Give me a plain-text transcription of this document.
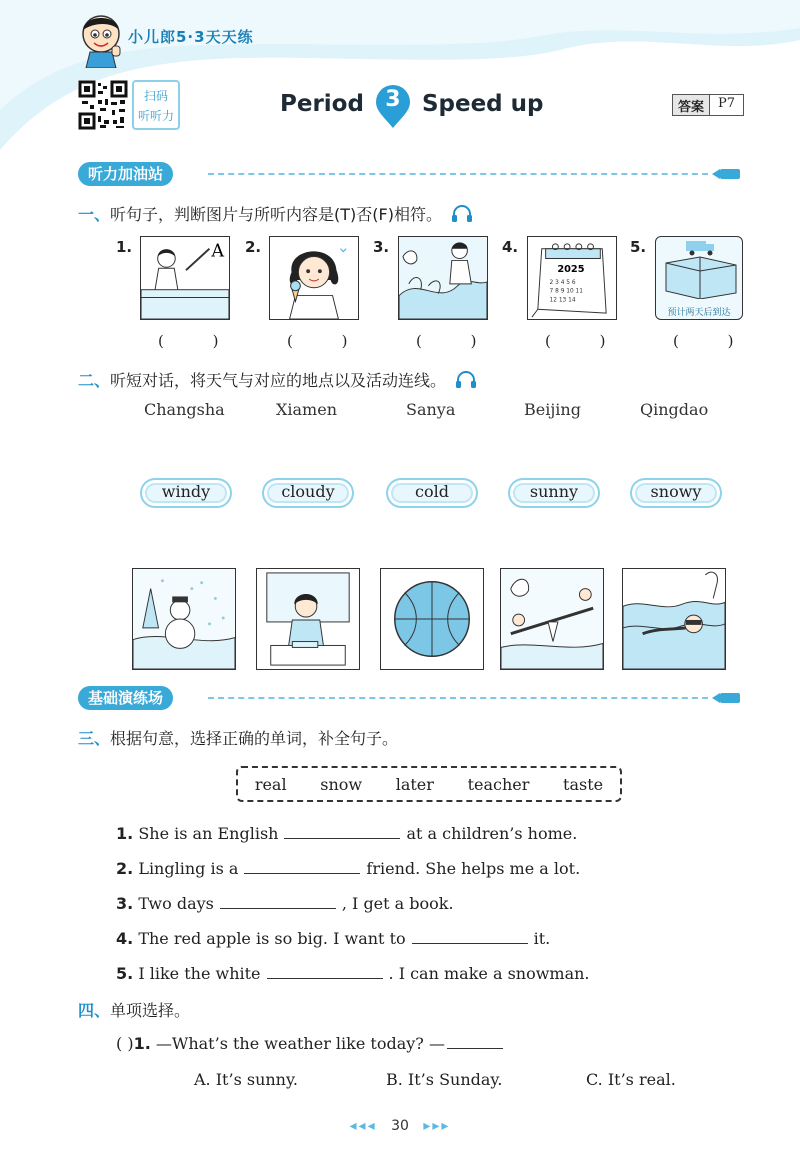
小儿郎5·3天天练
扫码
听听力	Period 3 Speed up	答案	P7
听力加油站
一、听句子，判断图片与所听内容是(T)否(F)相符。
1.	A
( )
2.
( )
3.
( )
4.
2025
2 3 4 5 6
7 8 9 10 11
12 13 14
( )
5.
预计两天后到达
( )
二、听短对话，将天气与对应的地点以及活动连线。
Changsha	Xiamen	Sanya	Beijing	Qingdao
windy	cloudy	cold	sunny	snowy
基础演练场
三、根据句意，选择正确的单词，补全句子。
real snow later teacher taste
1. She is an English	at a children’s home.
2. Lingling is a	friend. She helps me a lot.
3. Two days	, I get a book.
4. The red apple is so big. I want to	it.
5. I like the white	. I can make a snowman.
四、单项选择。
( )1. —What’s the weather like today? —
A. It’s sunny.	B. It’s Sunday.	C. It’s real.
◂◂◂ 30 ▸▸▸
